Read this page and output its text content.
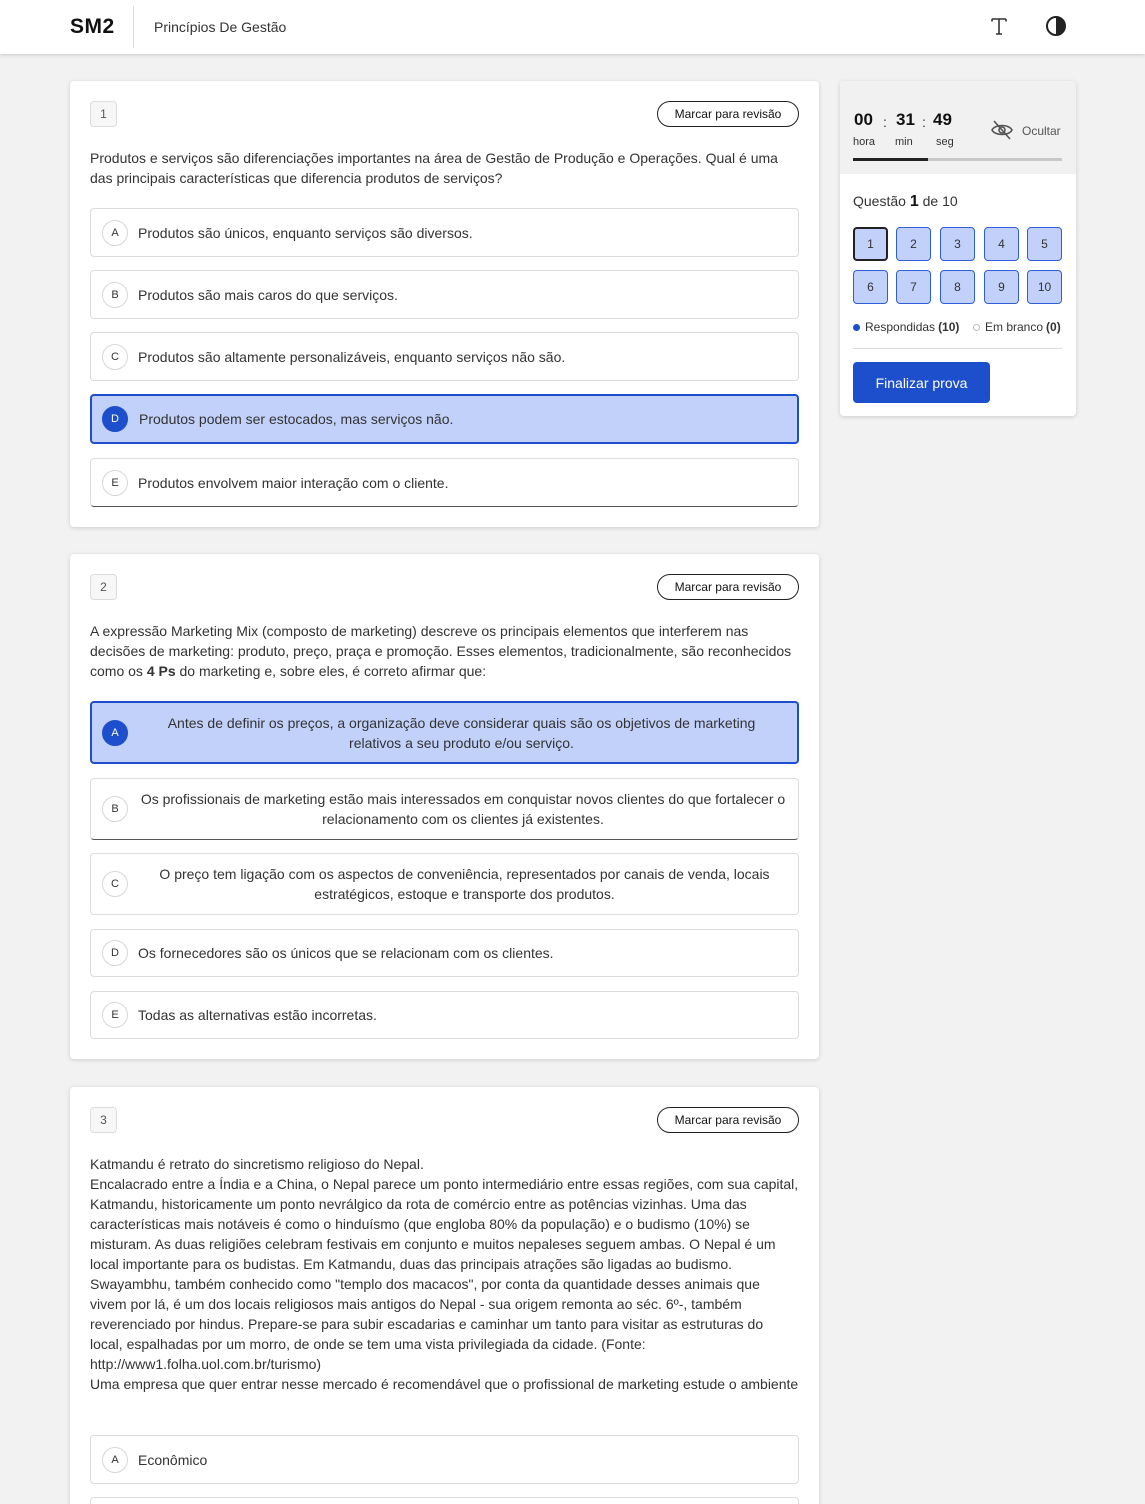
SM2	Princípios De Gestão
1	Marcar para revisão
Produtos e serviços são diferenciações importantes na área de Gestão de Produção e Operações. Qual é uma das principais características que diferencia produtos de serviços?
A	Produtos são únicos, enquanto serviços são diversos.
B	Produtos são mais caros do que serviços.
C	Produtos são altamente personalizáveis, enquanto serviços não são.
D	Produtos podem ser estocados, mas serviços não.
E	Produtos envolvem maior interação com o cliente.
2	Marcar para revisão
A expressão Marketing Mix (composto de marketing) descreve os principais elementos que interferem nas decisões de marketing: produto, preço, praça e promoção. Esses elementos, tradicionalmente, são reconhecidos como os 4 Ps do marketing e, sobre eles, é correto afirmar que:
A
Antes de definir os preços, a organização deve considerar quais são os objetivos de marketing relativos a seu produto e/ou serviço.
B
Os profissionais de marketing estão mais interessados em conquistar novos clientes do que fortalecer o relacionamento com os clientes já existentes.
C
O preço tem ligação com os aspectos de conveniência, representados por canais de venda, locais estratégicos, estoque e transporte dos produtos.
D	Os fornecedores são os únicos que se relacionam com os clientes.
E	Todas as alternativas estão incorretas.
3	Marcar para revisão
Katmandu é retrato do sincretismo religioso do Nepal.
Encalacrado entre a Índia e a China, o Nepal parece um ponto intermediário entre essas regiões, com sua capital, Katmandu, historicamente um ponto nevrálgico da rota de comércio entre as potências vizinhas. Uma das características mais notáveis é como o hinduísmo (que engloba 80% da população) e o budismo (10%) se misturam. As duas religiões celebram festivais em conjunto e muitos nepaleses seguem ambas. O Nepal é um local importante para os budistas. Em Katmandu, duas das principais atrações são ligadas ao budismo. Swayambhu, também conhecido como "templo dos macacos", por conta da quantidade desses animais que vivem por lá, é um dos locais religiosos mais antigos do Nepal - sua origem remonta ao séc. 6º-, também reverenciado por hindus. Prepare-se para subir escadarias e caminhar um tanto para visitar as estruturas do local, espalhadas por um morro, de onde se tem uma vista privilegiada da cidade. (Fonte: http://www1.folha.uol.com.br/turismo)
Uma empresa que quer entrar nesse mercado é recomendável que o profissional de marketing estude o ambiente
A	Econômico
00
hora
: 31
min
: 49
seg
Ocultar
Questão 1 de 10
1	2	3	4	5
6	7	8	9	10
Respondidas (10) Em branco (0)
Finalizar prova
